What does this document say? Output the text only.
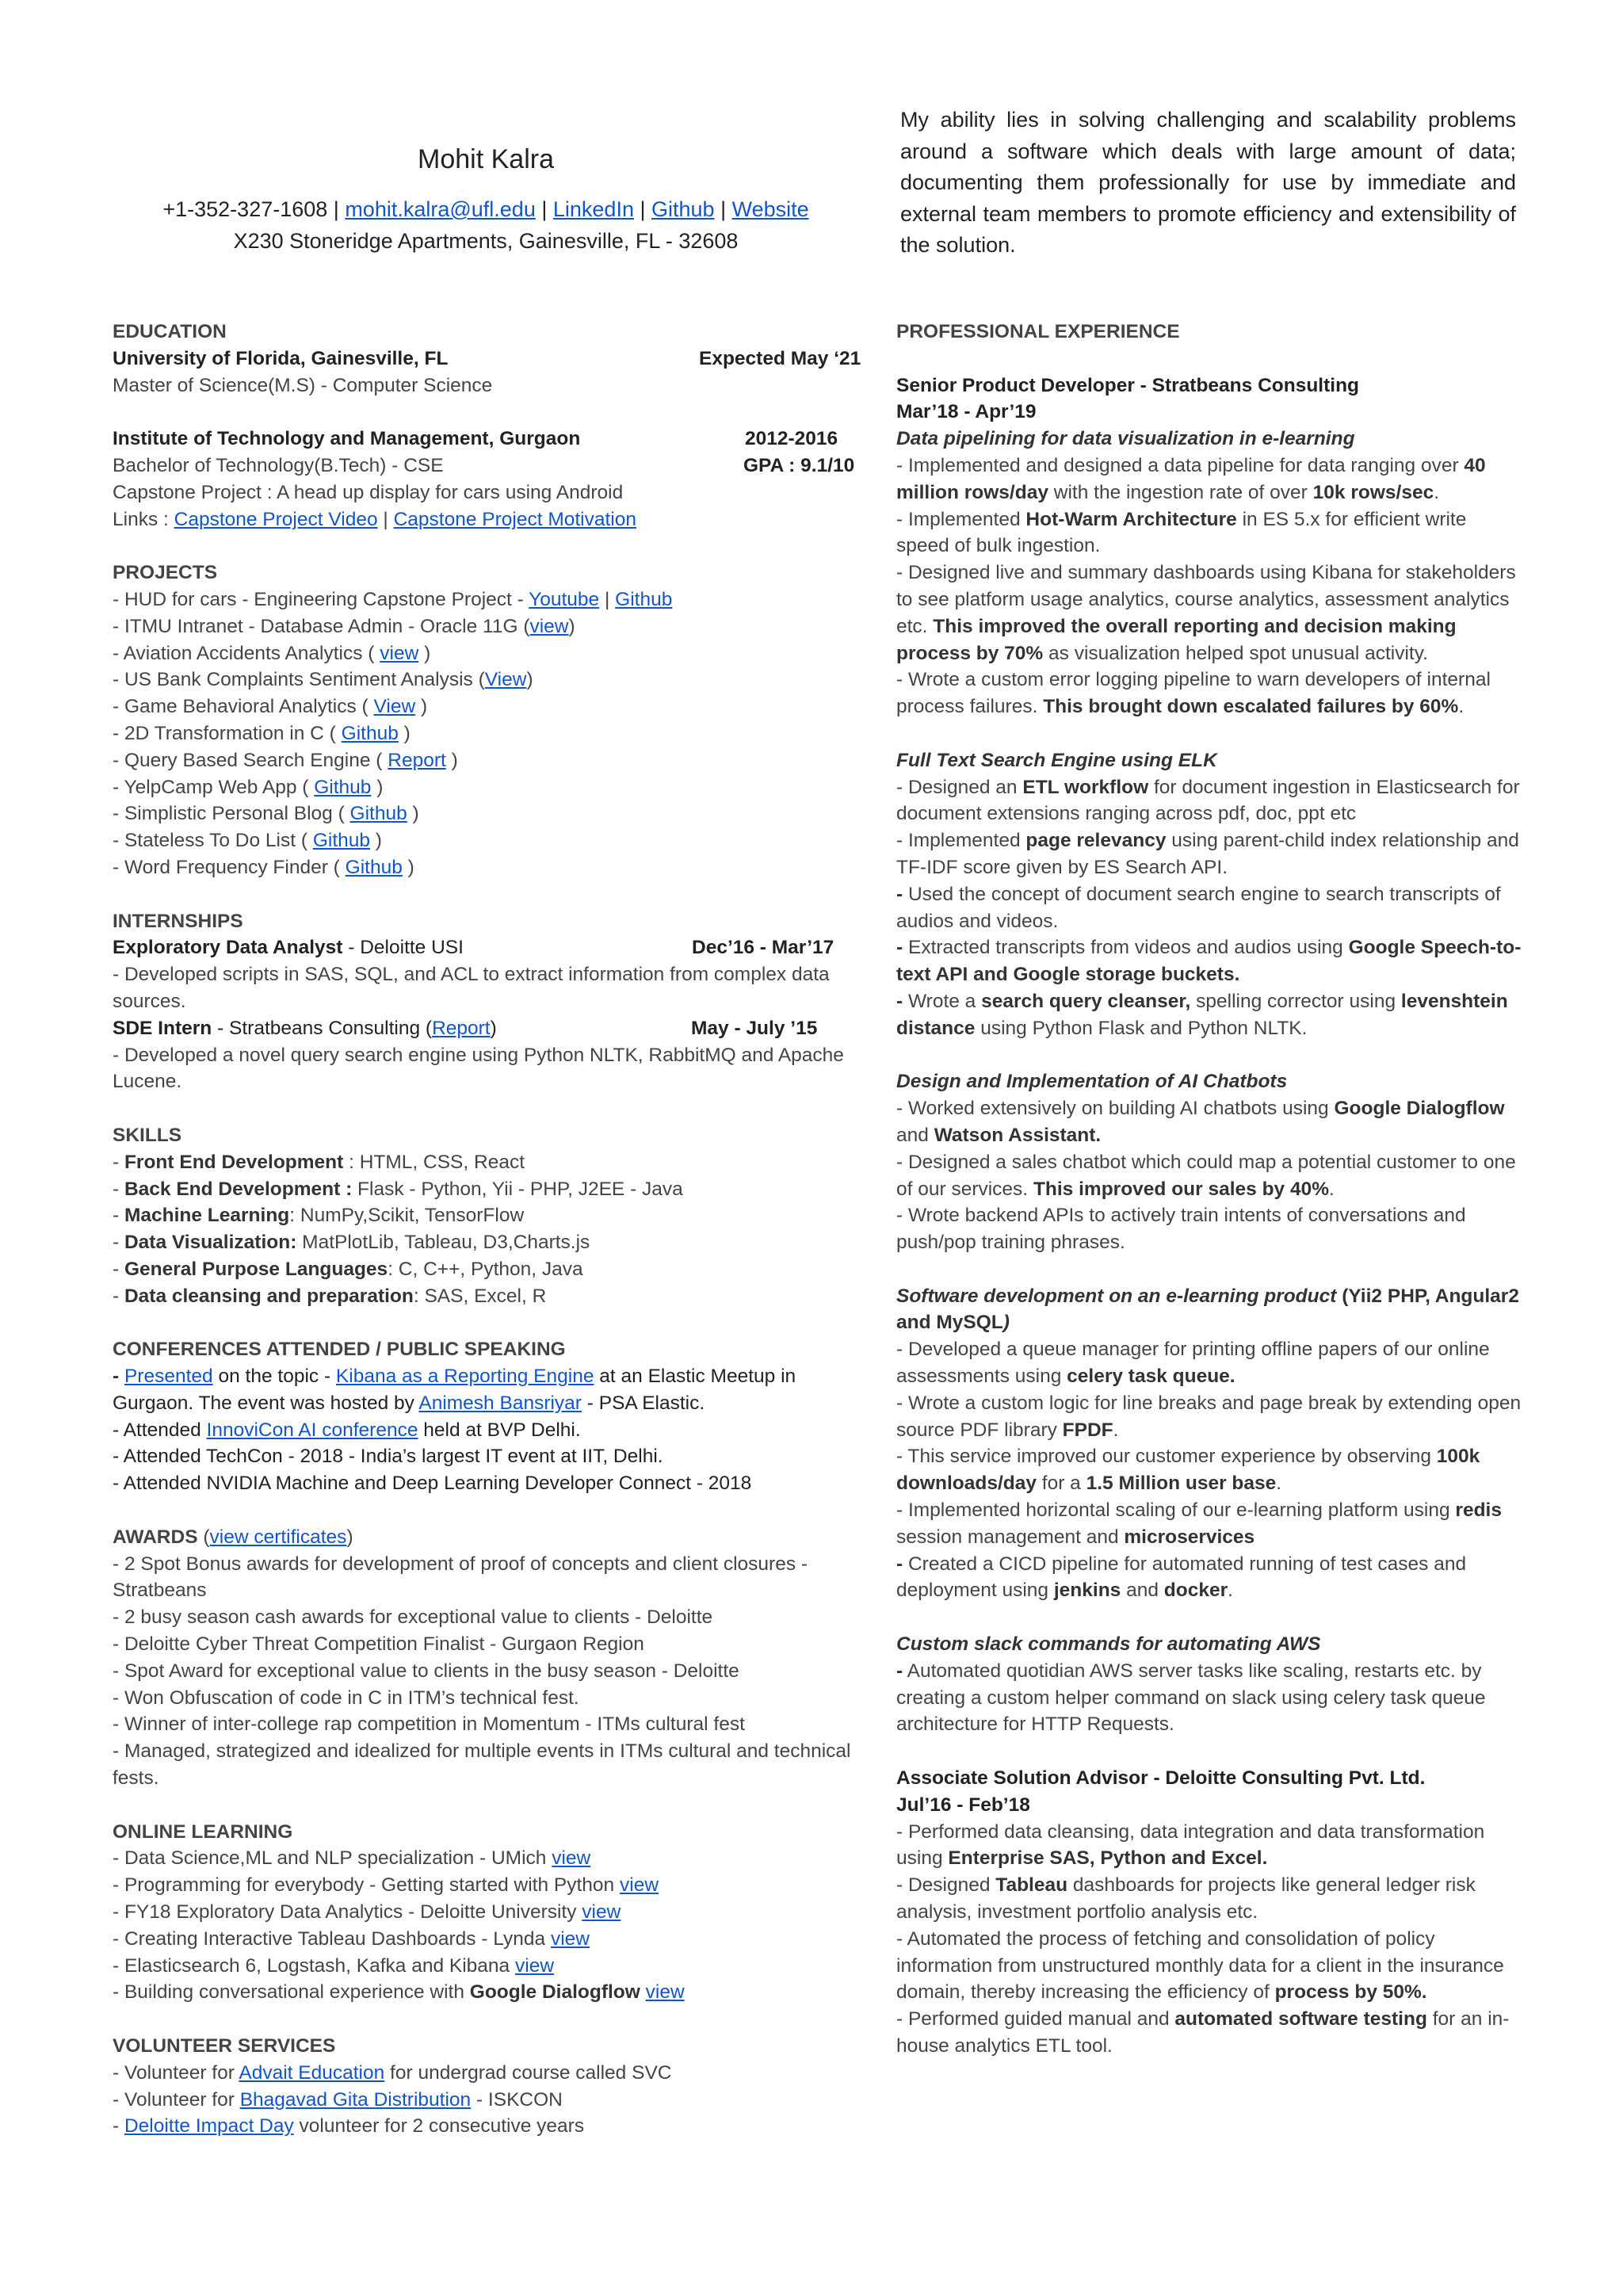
Mohit Kalra
+1-352-327-1608 | mohit.kalra@ufl.edu | LinkedIn | Github | Website
X230 Stoneridge Apartments, Gainesville, FL - 32608
My ability lies in solving challenging and scalability problems around a software which deals with large amount of data; documenting them professionally for use by immediate and external team members to promote efficiency and extensibility of the solution.
EDUCATION
University of Florida, Gainesville, FL	Expected May ‘21
Master of Science(M.S) - Computer Science
Institute of Technology and Management, Gurgaon	2012-2016
Bachelor of Technology(B.Tech) - CSE	GPA : 9.1/10
Capstone Project : A head up display for cars using Android
Links : Capstone Project Video | Capstone Project Motivation
PROJECTS
- HUD for cars - Engineering Capstone Project - Youtube | Github
- ITMU Intranet - Database Admin - Oracle 11G (view)
- Aviation Accidents Analytics ( view )
- US Bank Complaints Sentiment Analysis (View)
- Game Behavioral Analytics ( View )
- 2D Transformation in C ( Github )
- Query Based Search Engine ( Report )
- YelpCamp Web App ( Github )
- Simplistic Personal Blog ( Github )
- Stateless To Do List ( Github )
- Word Frequency Finder ( Github )
INTERNSHIPS
Exploratory Data Analyst - Deloitte USI	Dec’16 - Mar’17
- Developed scripts in SAS, SQL, and ACL to extract information from complex data sources.
SDE Intern - Stratbeans Consulting (Report)	May - July ’15
- Developed a novel query search engine using Python NLTK, RabbitMQ and Apache Lucene.
SKILLS
- Front End Development : HTML, CSS, React
- Back End Development : Flask - Python, Yii - PHP, J2EE - Java
- Machine Learning: NumPy,Scikit, TensorFlow
- Data Visualization: MatPlotLib, Tableau, D3,Charts.js
- General Purpose Languages: C, C++, Python, Java
- Data cleansing and preparation: SAS, Excel, R
CONFERENCES ATTENDED / PUBLIC SPEAKING
- Presented on the topic - Kibana as a Reporting Engine at an Elastic Meetup in Gurgaon. The event was hosted by Animesh Bansriyar - PSA Elastic.
- Attended InnoviCon AI conference held at BVP Delhi.
- Attended TechCon - 2018 - India’s largest IT event at IIT, Delhi.
- Attended NVIDIA Machine and Deep Learning Developer Connect - 2018
AWARDS (view certificates)
- 2 Spot Bonus awards for development of proof of concepts and client closures - Stratbeans
- 2 busy season cash awards for exceptional value to clients - Deloitte
- Deloitte Cyber Threat Competition Finalist - Gurgaon Region
- Spot Award for exceptional value to clients in the busy season - Deloitte
- Won Obfuscation of code in C in ITM’s technical fest.
- Winner of inter-college rap competition in Momentum - ITMs cultural fest
- Managed, strategized and idealized for multiple events in ITMs cultural and technical fests.
ONLINE LEARNING
- Data Science,ML and NLP specialization - UMich view
- Programming for everybody - Getting started with Python view
- FY18 Exploratory Data Analytics - Deloitte University view
- Creating Interactive Tableau Dashboards - Lynda view
- Elasticsearch 6, Logstash, Kafka and Kibana view
- Building conversational experience with Google Dialogflow view
VOLUNTEER SERVICES
- Volunteer for Advait Education for undergrad course called SVC
- Volunteer for Bhagavad Gita Distribution - ISKCON
- Deloitte Impact Day volunteer for 2 consecutive years
PROFESSIONAL EXPERIENCE
Senior Product Developer - Stratbeans Consulting
Mar’18 - Apr’19
Data pipelining for data visualization in e-learning
- Implemented and designed a data pipeline for data ranging over 40 million rows/day with the ingestion rate of over 10k rows/sec.
- Implemented Hot-Warm Architecture in ES 5.x for efficient write speed of bulk ingestion.
- Designed live and summary dashboards using Kibana for stakeholders to see platform usage analytics, course analytics, assessment analytics etc. This improved the overall reporting and decision making process by 70% as visualization helped spot unusual activity.
- Wrote a custom error logging pipeline to warn developers of internal process failures. This brought down escalated failures by 60%.
Full Text Search Engine using ELK
- Designed an ETL workflow for document ingestion in Elasticsearch for document extensions ranging across pdf, doc, ppt etc
- Implemented page relevancy using parent-child index relationship and TF-IDF score given by ES Search API.
- Used the concept of document search engine to search transcripts of audios and videos.
- Extracted transcripts from videos and audios using Google Speech-to-text API and Google storage buckets.
- Wrote a search query cleanser, spelling corrector using levenshtein distance using Python Flask and Python NLTK.
Design and Implementation of AI Chatbots
- Worked extensively on building AI chatbots using Google Dialogflow and Watson Assistant.
- Designed a sales chatbot which could map a potential customer to one of our services. This improved our sales by 40%.
- Wrote backend APIs to actively train intents of conversations and push/pop training phrases.
Software development on an e-learning product (Yii2 PHP, Angular2 and MySQL)
- Developed a queue manager for printing offline papers of our online assessments using celery task queue.
- Wrote a custom logic for line breaks and page break by extending open source PDF library FPDF.
- This service improved our customer experience by observing 100k downloads/day for a 1.5 Million user base.
- Implemented horizontal scaling of our e-learning platform using redis session management and microservices
- Created a CICD pipeline for automated running of test cases and deployment using jenkins and docker.
Custom slack commands for automating AWS
- Automated quotidian AWS server tasks like scaling, restarts etc. by creating a custom helper command on slack using celery task queue architecture for HTTP Requests.
Associate Solution Advisor - Deloitte Consulting Pvt. Ltd.
Jul’16 - Feb’18
- Performed data cleansing, data integration and data transformation using Enterprise SAS, Python and Excel.
- Designed Tableau dashboards for projects like general ledger risk analysis, investment portfolio analysis etc.
- Automated the process of fetching and consolidation of policy information from unstructured monthly data for a client in the insurance domain, thereby increasing the efficiency of process by 50%.
- Performed guided manual and automated software testing for an in-house analytics ETL tool.
